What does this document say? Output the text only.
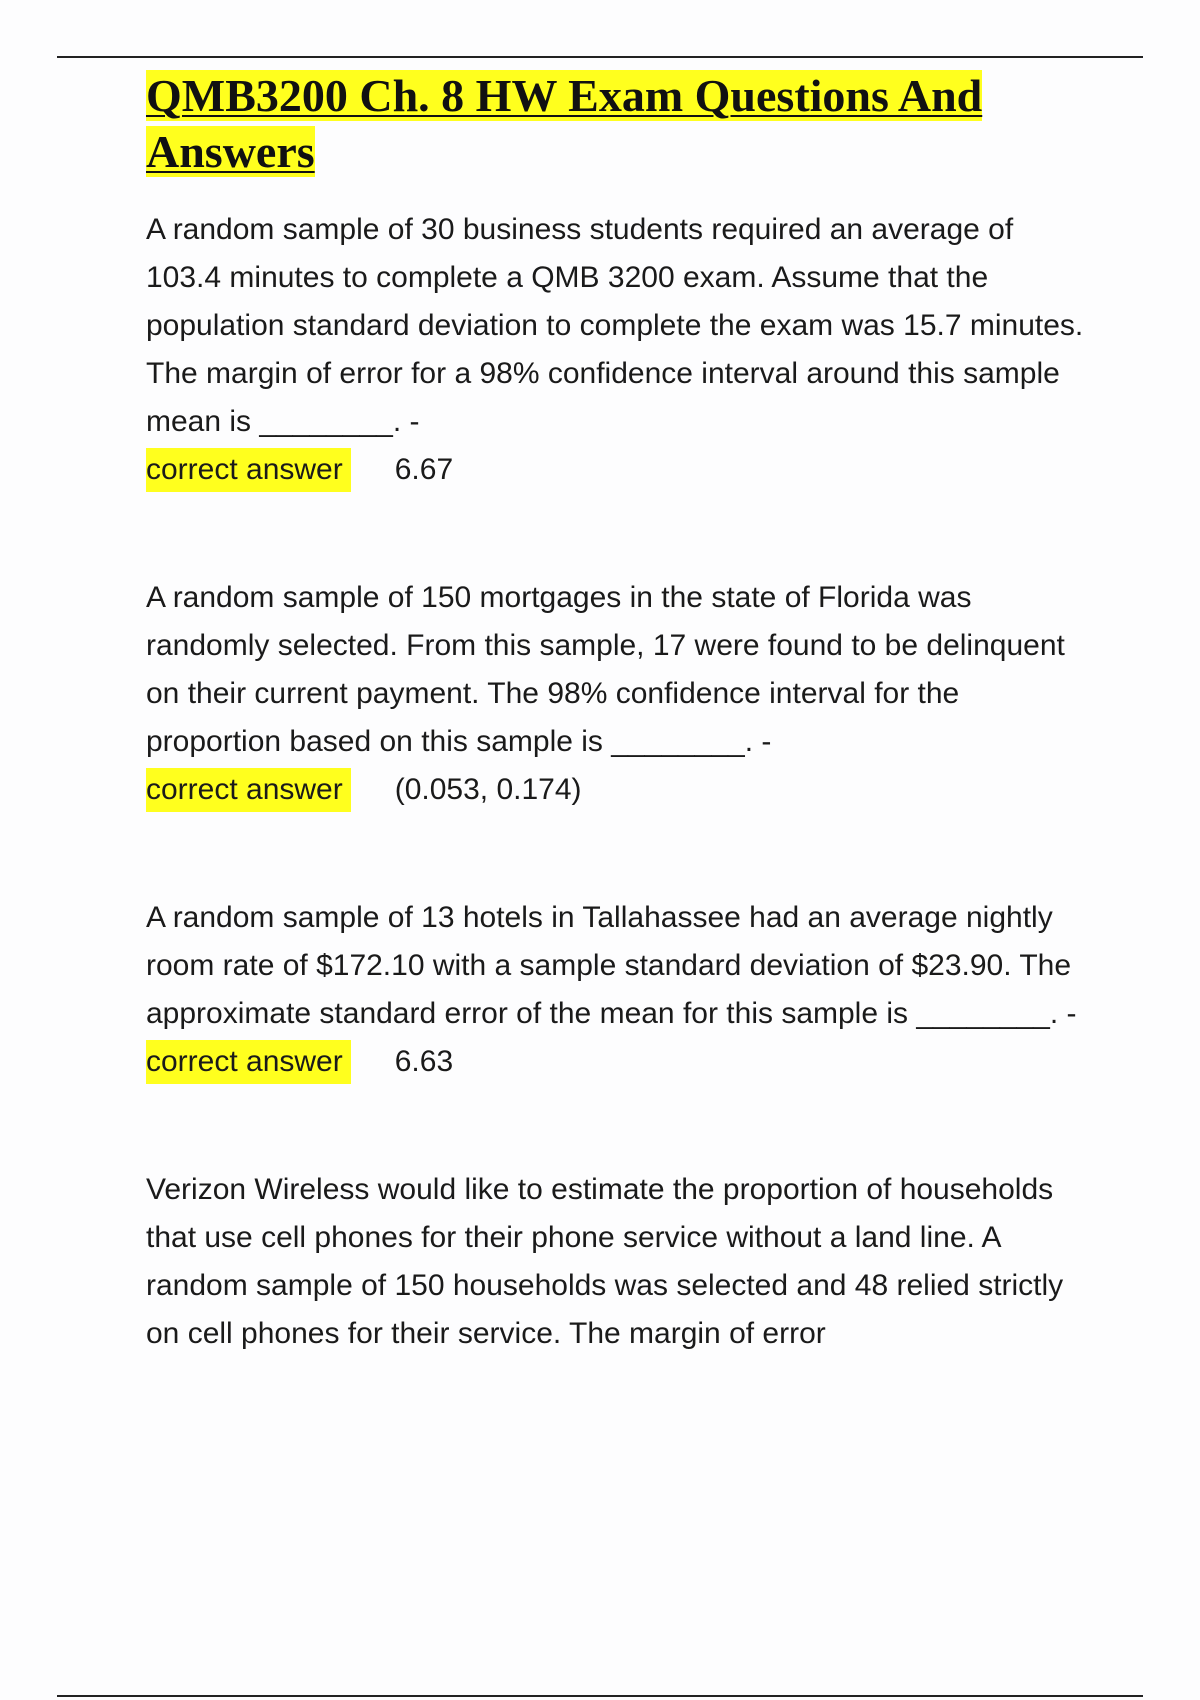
QMB3200 Ch. 8 HW Exam Questions And Answers

A random sample of 30 business students required an average of 103.4 minutes to complete a QMB 3200 exam. Assume that the population standard deviation to complete the exam was 15.7 minutes. The margin of error for a 98% confidence interval around this sample mean is ________. -

correct answer 6.67

A random sample of 150 mortgages in the state of Florida was randomly selected. From this sample, 17 were found to be delinquent on their current payment. The 98% confidence interval for the proportion based on this sample is ________. -

correct answer (0.053, 0.174)

A random sample of 13 hotels in Tallahassee had an average nightly room rate of $172.10 with a sample standard deviation of $23.90. The approximate standard error of the mean for this sample is ________. -

correct answer 6.63

Verizon Wireless would like to estimate the proportion of households that use cell phones for their phone service without a land line. A random sample of 150 households was selected and 48 relied strictly on cell phones for their service. The margin of error
